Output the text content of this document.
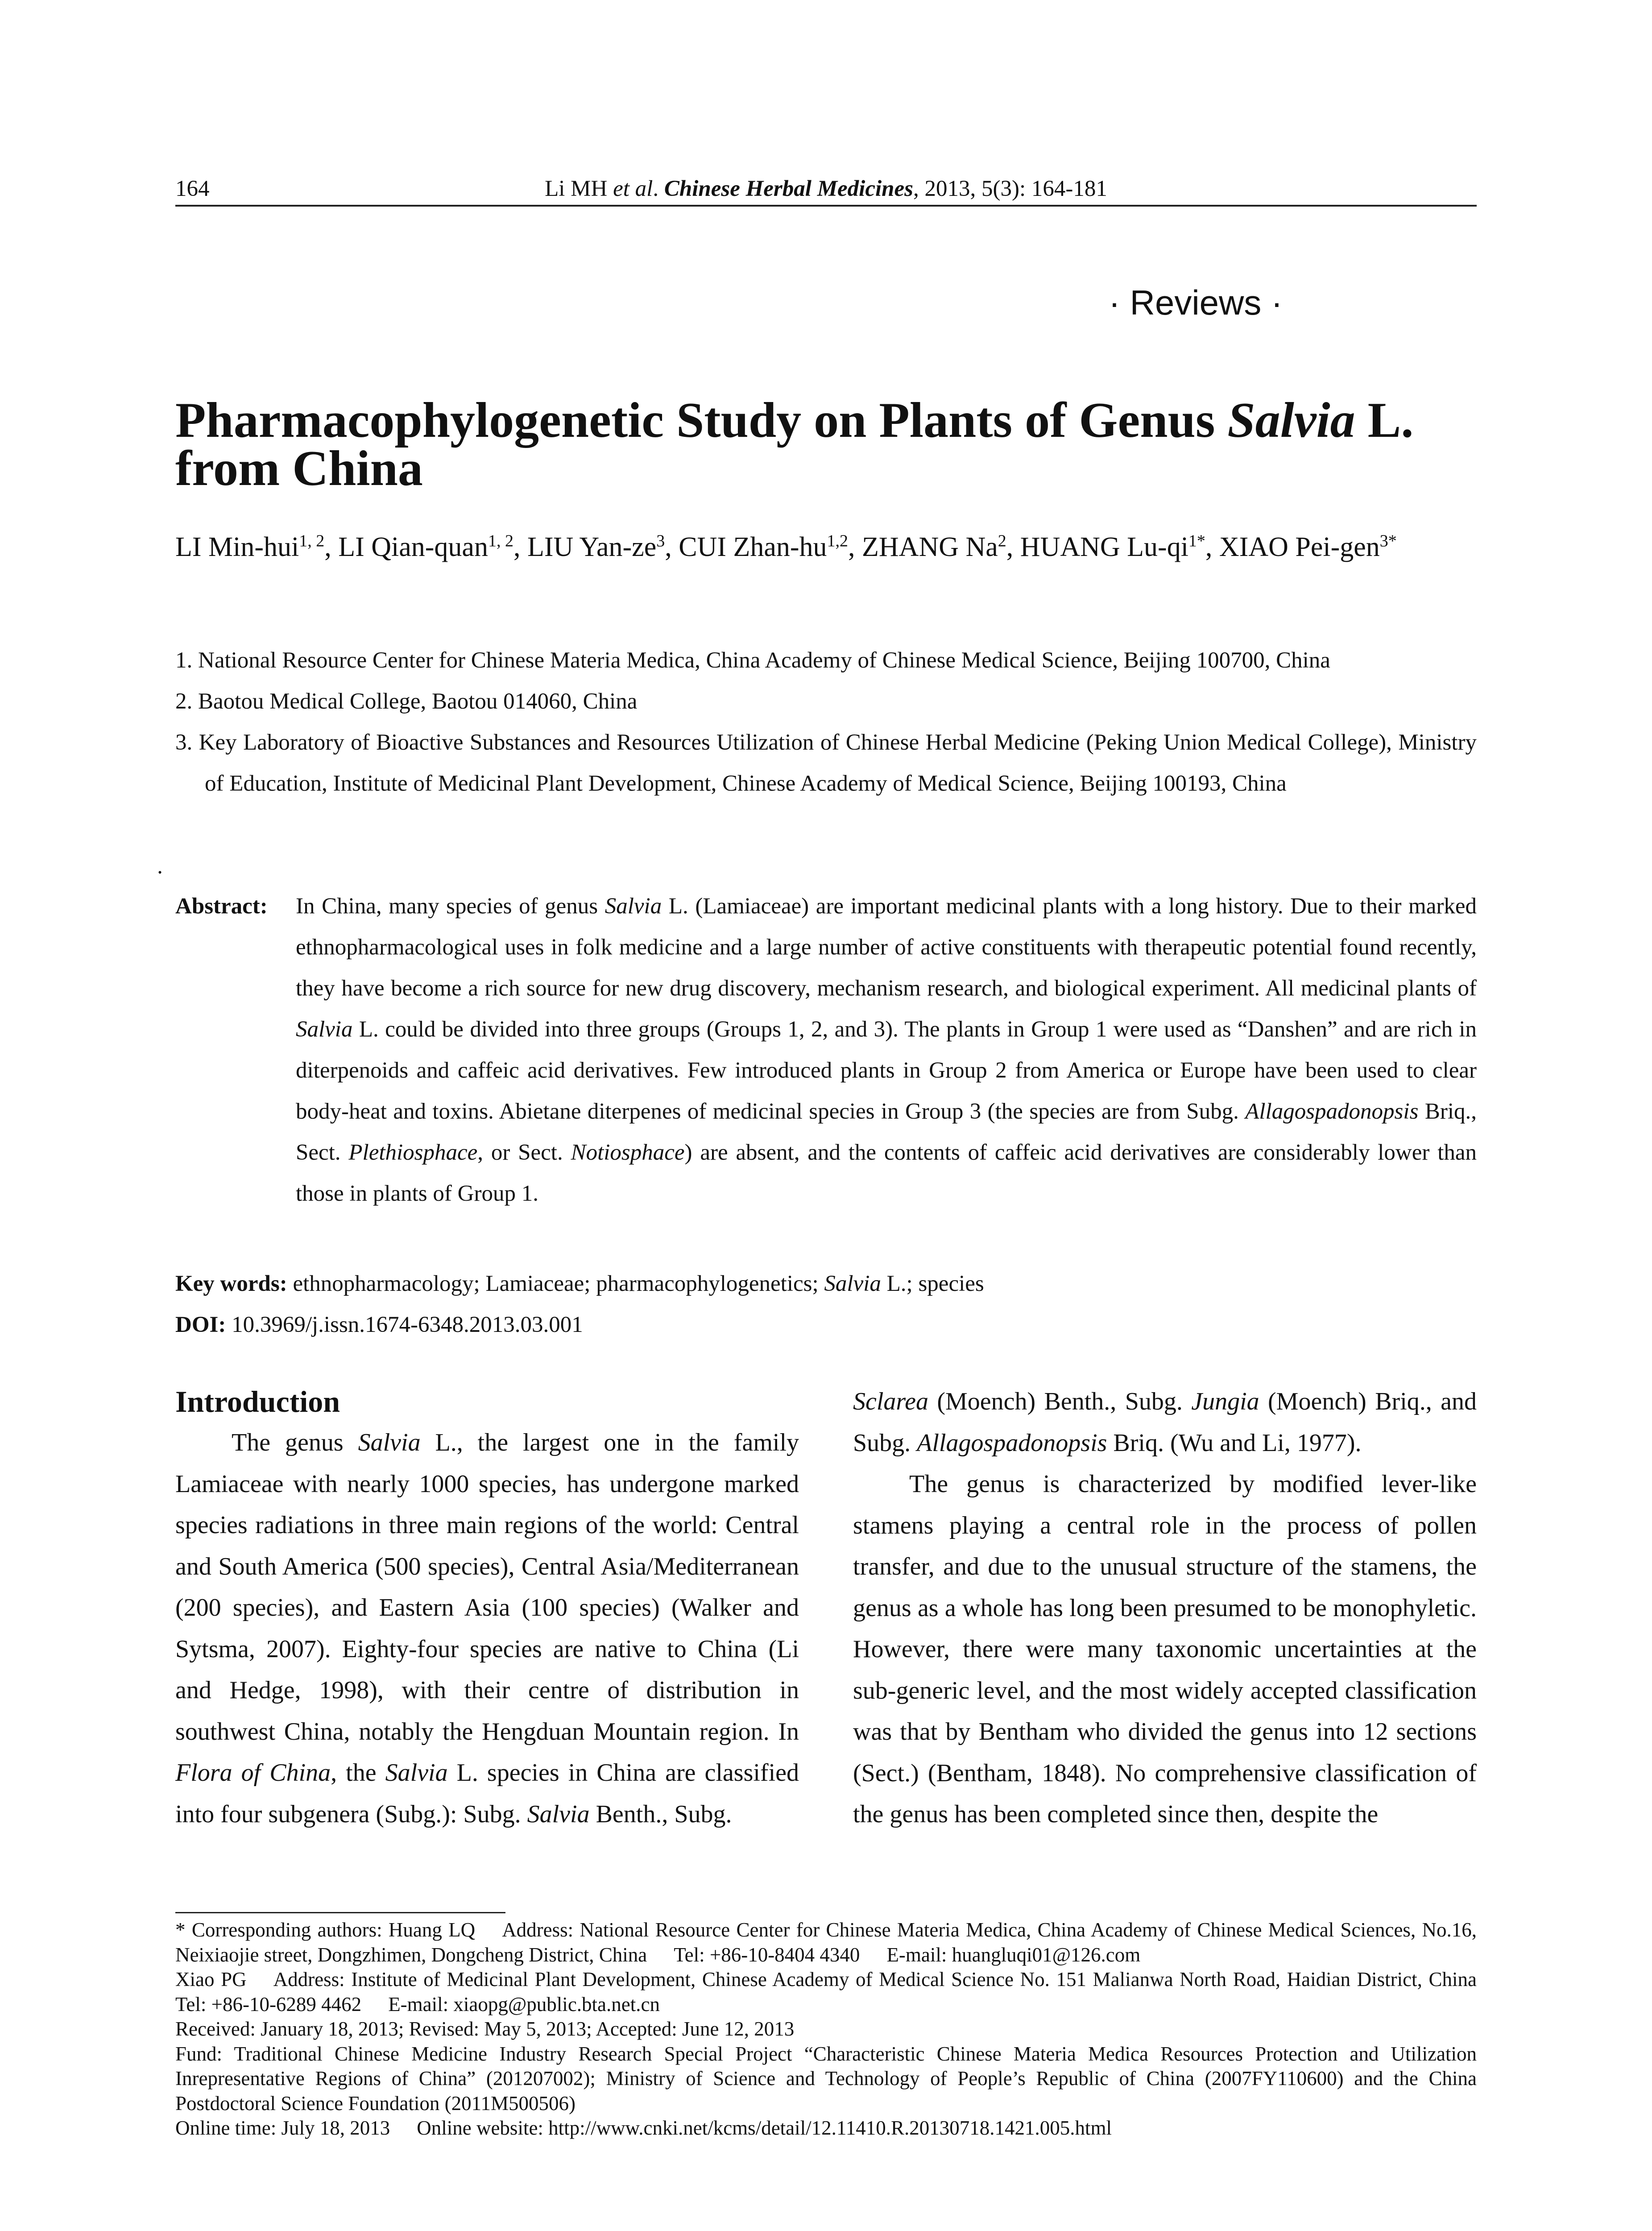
164	Li MH et al. Chinese Herbal Medicines, 2013, 5(3): 164-181
· Reviews ·
Pharmacophylogenetic Study on Plants of Genus Salvia L. from China
LI Min-hui$^{1, 2}$, LI Qian-quan$^{1, 2}$, LIU Yan-$ze^3$, CUI Zhan-hu$^{1,2}$, ZHANG Na$^2$, HUANG $Lu-qi^{1*}$, XIAO Pei-gen$^{3*}$
1. National Resource Center for Chinese Materia Medica, China Academy of Chinese Medical Science, Beijing 100700, China
2. Baotou Medical College, Baotou 014060, China
3. Key Laboratory of Bioactive Substances and Resources Utilization of Chinese Herbal Medicine (Peking Union Medical College), Ministry of Education, Institute of Medicinal Plant Development, Chinese Academy of Medical Science, Beijing 100193, China
·
Abstract: In China, many species of genus Salvia L. (Lamiaceae) are important medicinal plants with a long history. Due to their marked ethnopharmacological uses in folk medicine and a large number of active constituents with therapeutic potential found recently, they have become a rich source for new drug discovery, mechanism research, and biological experiment. All medicinal plants of Salvia L. could be divided into three groups (Groups 1, 2, and 3). The plants in Group 1 were used as “Danshen” and are rich in diterpenoids and caffeic acid derivatives. Few introduced plants in Group 2 from America or Europe have been used to clear body-heat and toxins. Abietane diterpenes of medicinal species in Group 3 (the species are from Subg. Allagospadonopsis Briq., Sect. Plethiosphace, or Sect. Notiosphace) are absent, and the contents of caffeic acid derivatives are considerably lower than those in plants of Group 1.
Key words: ethnopharmacology; Lamiaceae; pharmacophylogenetics; Salvia L.; species
DOI: 10.3969/j.issn.1674-6348.2013.03.001
Introduction

The genus Salvia L., the largest one in the family Lamiaceae with nearly 1000 species, has undergone marked species radiations in three main regions of the world: Central and South America (500 species), Central Asia/Mediterranean (200 species), and Eastern Asia (100 species) (Walker and Sytsma, 2007). Eighty-four species are native to China (Li and Hedge, 1998), with their centre of distribution in southwest China, notably the Hengduan Mountain region. In Flora of China, the Salvia L. species in China are classified into four subgenera (Subg.): Subg. Salvia Benth., Subg.

Sclarea (Moench) Benth., Subg. Jungia (Moench) Briq., and Subg. Allagospadonopsis Briq. (Wu and Li, 1977).

The genus is characterized by modified lever-like stamens playing a central role in the process of pollen transfer, and due to the unusual structure of the stamens, the genus as a whole has long been presumed to be monophyletic. However, there were many taxonomic uncertainties at the sub-generic level, and the most widely accepted classification was that by Bentham who divided the genus into 12 sections (Sect.) (Bentham, 1848). No comprehensive classification of the genus has been completed since then, despite the

* Corresponding authors: Huang LQ Address: National Resource Center for Chinese Materia Medica, China Academy of Chinese Medical Sciences, No.16, Neixiaojie street, Dongzhimen, Dongcheng District, China Tel: +86-10-8404 4340 E-mail: huangluqi01@126.com

Xiao PG Address: Institute of Medicinal Plant Development, Chinese Academy of Medical Science No. 151 Malianwa North Road, Haidian District, China Tel: +86-10-6289 4462 E-mail: xiaopg@public.bta.net.cn

Received: January 18, 2013; Revised: May 5, 2013; Accepted: June 12, 2013

Fund: Traditional Chinese Medicine Industry Research Special Project “Characteristic Chinese Materia Medica Resources Protection and Utilization Inrepresentative Regions of China” (201207002); Ministry of Science and Technology of People’s Republic of China (2007FY110600) and the China Postdoctoral Science Foundation (2011M500506)

Online time: July 18, 2013 Online website: http://www.cnki.net/kcms/detail/12.11410.R.20130718.1421.005.html
